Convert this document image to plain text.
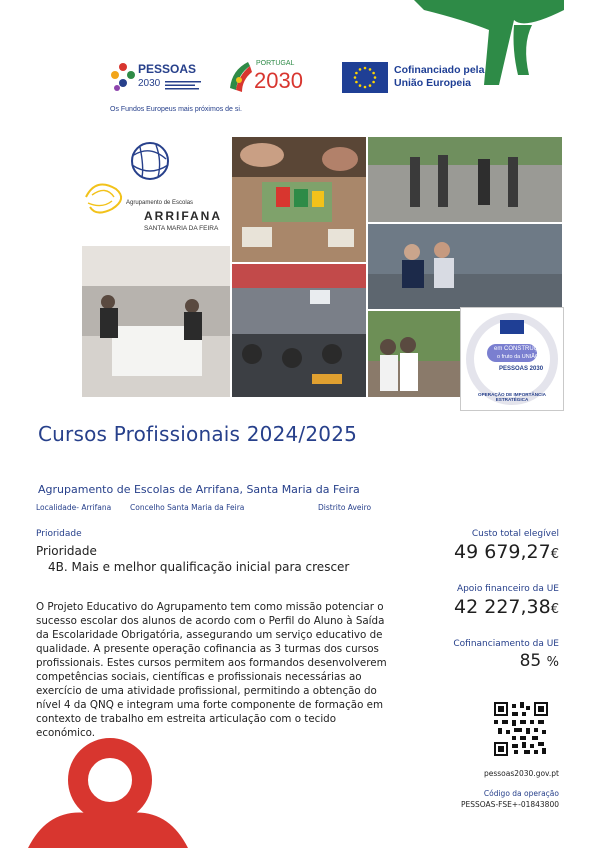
PESSOAS
2030
PORTUGAL
2030	Cofinanciado pela
União Europeia
Os Fundos Europeus mais próximos de si.
Agrupamento de Escolas
ARRIFANA
SANTA MARIA DA FEIRA
em CONSTRUÇÃO
o fruto da UNIÃO
PESSOAS 2030
OPERAÇÃO DE IMPORTÂNCIA ESTRATÉGICA
Cursos Profissionais 2024/2025
Agrupamento de Escolas de Arrifana, Santa Maria da Feira
Localidade- Arrifana	Concelho Santa Maria da Feira	Distrito Aveiro
Prioridade
Prioridade
4B. Mais e melhor qualificação inicial para crescer
O Projeto Educativo do Agrupamento tem como missão potenciar o sucesso escolar dos alunos de acordo com o Perfil do Aluno à Saída da Escolaridade Obrigatória, assegurando um serviço educativo de qualidade. A presente operação cofinancia as 3 turmas dos cursos profissionais. Estes cursos permitem aos formandos desenvolverem competências sociais, científicas e profissionais necessárias ao exercício de uma atividade profissional, permitindo a obtenção do nível 4 da QNQ e integram uma forte componente de formação em contexto de trabalho em estreita articulação com o tecido económico.
Custo total elegível
49 679,27€
Apoio financeiro da UE
42 227,38€
Cofinanciamento da UE
85 %
pessoas2030.gov.pt
Código da operação
PESSOAS-FSE+-01843800
